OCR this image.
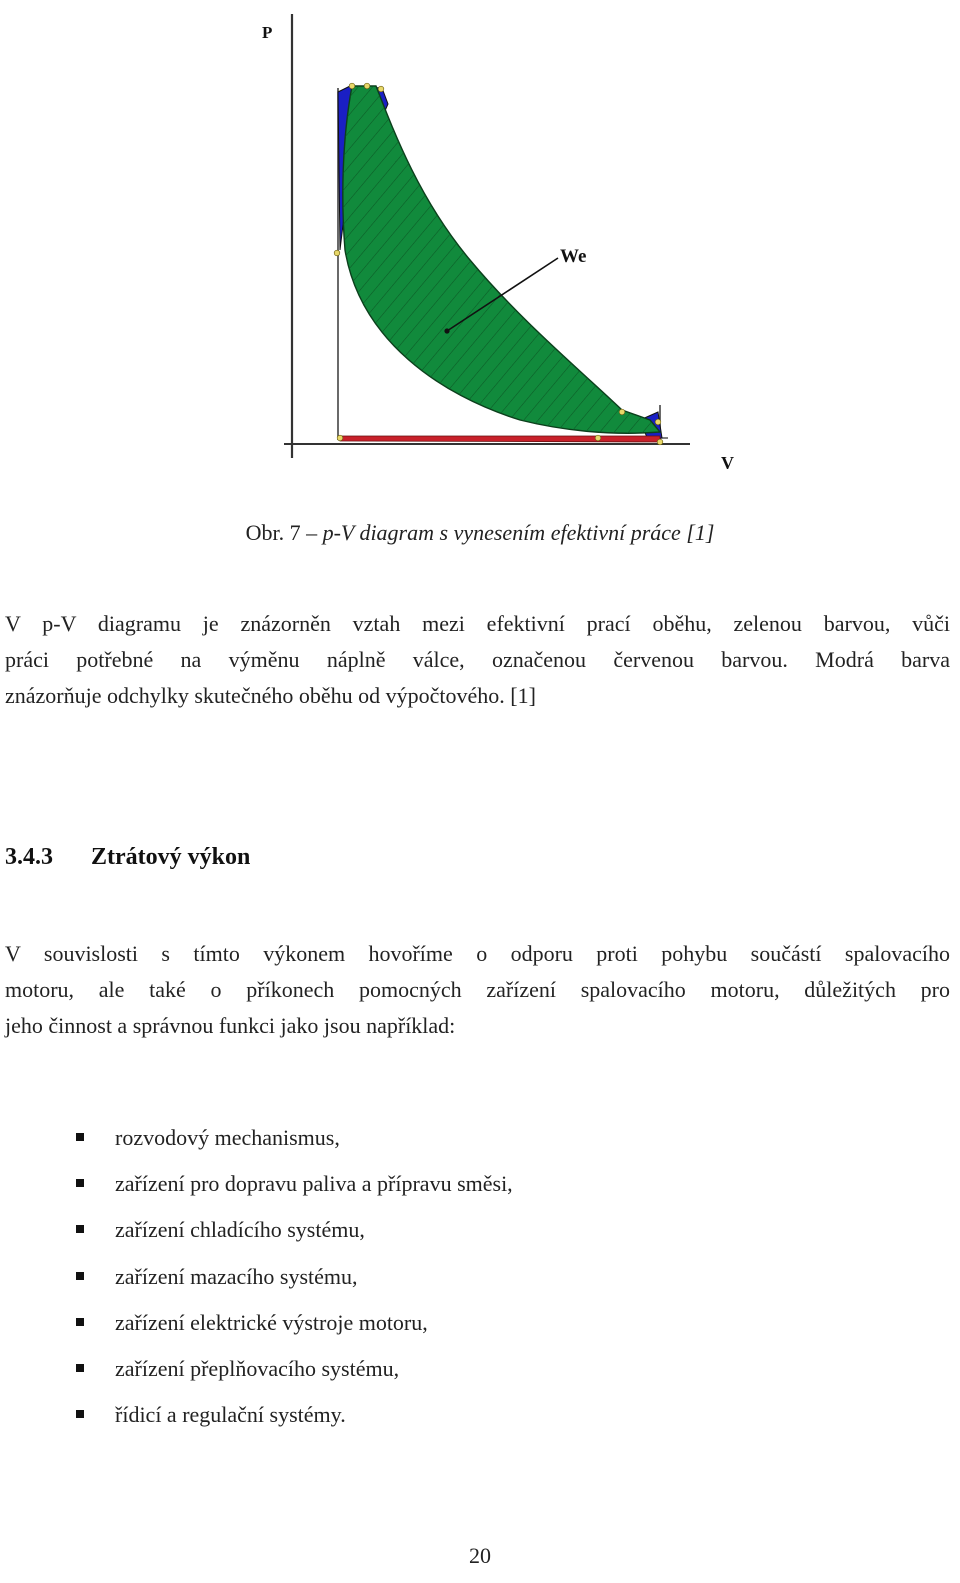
P
V
We
Obr. 7 – p-V diagram s vynesením efektivní práce [1]

V p-V diagramu je znázorněn vztah mezi efektivní prací oběhu, zelenou barvou, vůči
práci potřebné na výměnu náplně válce, označenou červenou barvou. Modrá barva
znázorňuje odchylky skutečného oběhu od výpočtového. [1]

3.4.3 Ztrátový výkon

V souvislosti s tímto výkonem hovoříme o odporu proti pohybu součástí spalovacího
motoru, ale také o příkonech pomocných zařízení spalovacího motoru, důležitých pro
jeho činnost a správnou funkci jako jsou například:

rozvodový mechanismus,
zařízení pro dopravu paliva a přípravu směsi,
zařízení chladícího systému,
zařízení mazacího systému,
zařízení elektrické výstroje motoru,
zařízení přeplňovacího systému,
řídicí a regulační systémy.
20
